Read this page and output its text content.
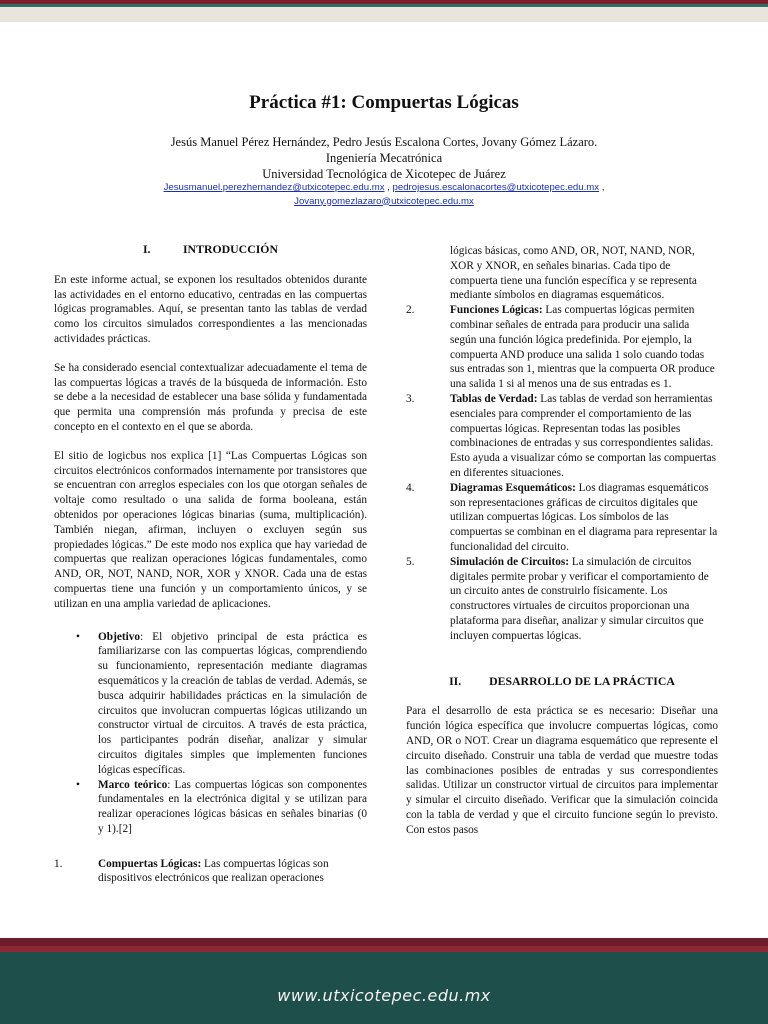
Práctica #1: Compuertas Lógicas
Jesús Manuel Pérez Hernández, Pedro Jesús Escalona Cortes, Jovany Gómez Lázaro.
Ingeniería Mecatrónica
Universidad Tecnológica de Xicotepec de Juárez
Jesusmanuel.perezhernandez@utxicotepec.edu.mx , pedrojesus.escalonacortes@utxicotepec.edu.mx ,
Jovany.gomezlazaro@utxicotepec.edu.mx
I.	INTRODUCCIÓN

En este informe actual, se exponen los resultados obtenidos durante las actividades en el entorno educativo, centradas en las compuertas lógicas programables. Aquí, se presentan tanto las tablas de verdad como los circuitos simulados correspondientes a las mencionadas actividades prácticas.

Se ha considerado esencial contextualizar adecuadamente el tema de las compuertas lógicas a través de la búsqueda de información. Esto se debe a la necesidad de establecer una base sólida y fundamentada que permita una comprensión más profunda y precisa de este concepto en el contexto en el que se aborda.

El sitio de logicbus nos explica [1] “Las Compuertas Lógicas son circuitos electrónicos conformados internamente por transistores que se encuentran con arreglos especiales con los que otorgan señales de voltaje como resultado o una salida de forma booleana, están obtenidos por operaciones lógicas binarias (suma, multiplicación). También niegan, afirman, incluyen o excluyen según sus propiedades lógicas.” De este modo nos explica que hay variedad de compuertas que realizan operaciones lógicas fundamentales, como AND, OR, NOT, NAND, NOR, XOR y XNOR. Cada una de estas compuertas tiene una función y un comportamiento únicos, y se utilizan en una amplia variedad de aplicaciones.

• Objetivo: El objetivo principal de esta práctica es familiarizarse con las compuertas lógicas, comprendiendo su funcionamiento, representación mediante diagramas esquemáticos y la creación de tablas de verdad. Además, se busca adquirir habilidades prácticas en la simulación de circuitos que involucran compuertas lógicas utilizando un constructor virtual de circuitos. A través de esta práctica, los participantes podrán diseñar, analizar y simular circuitos digitales simples que implementen funciones lógicas específicas.
• Marco teórico: Las compuertas lógicas son componentes fundamentales en la electrónica digital y se utilizan para realizar operaciones lógicas básicas en señales binarias (0 y 1).[2]
1.	Compuertas Lógicas: Las compuertas lógicas son dispositivos electrónicos que realizan operaciones

lógicas básicas, como AND, OR, NOT, NAND, NOR, XOR y XNOR, en señales binarias. Cada tipo de compuerta tiene una función específica y se representa mediante símbolos en diagramas esquemáticos.

2.	Funciones Lógicas: Las compuertas lógicas permiten combinar señales de entrada para producir una salida según una función lógica predefinida. Por ejemplo, la compuerta AND produce una salida 1 solo cuando todas sus entradas son 1, mientras que la compuerta OR produce una salida 1 si al menos una de sus entradas es 1.
3.	Tablas de Verdad: Las tablas de verdad son herramientas esenciales para comprender el comportamiento de las compuertas lógicas. Representan todas las posibles combinaciones de entradas y sus correspondientes salidas. Esto ayuda a visualizar cómo se comportan las compuertas en diferentes situaciones.
4.	Diagramas Esquemáticos: Los diagramas esquemáticos son representaciones gráficas de circuitos digitales que utilizan compuertas lógicas. Los símbolos de las compuertas se combinan en el diagrama para representar la funcionalidad del circuito.
5.	Simulación de Circuitos: La simulación de circuitos digitales permite probar y verificar el comportamiento de un circuito antes de construirlo físicamente. Los constructores virtuales de circuitos proporcionan una plataforma para diseñar, analizar y simular circuitos que incluyen compuertas lógicas.
II. DESARROLLO DE LA PRÁCTICA

Para el desarrollo de esta práctica se es necesario: Diseñar una función lógica específica que involucre compuertas lógicas, como AND, OR o NOT. Crear un diagrama esquemático que represente el circuito diseñado. Construir una tabla de verdad que muestre todas las combinaciones posibles de entradas y sus correspondientes salidas. Utilizar un constructor virtual de circuitos para implementar y simular el circuito diseñado. Verificar que la simulación coincida con la tabla de verdad y que el circuito funcione según lo previsto. Con estos pasos

www.utxicotepec.edu.mx
